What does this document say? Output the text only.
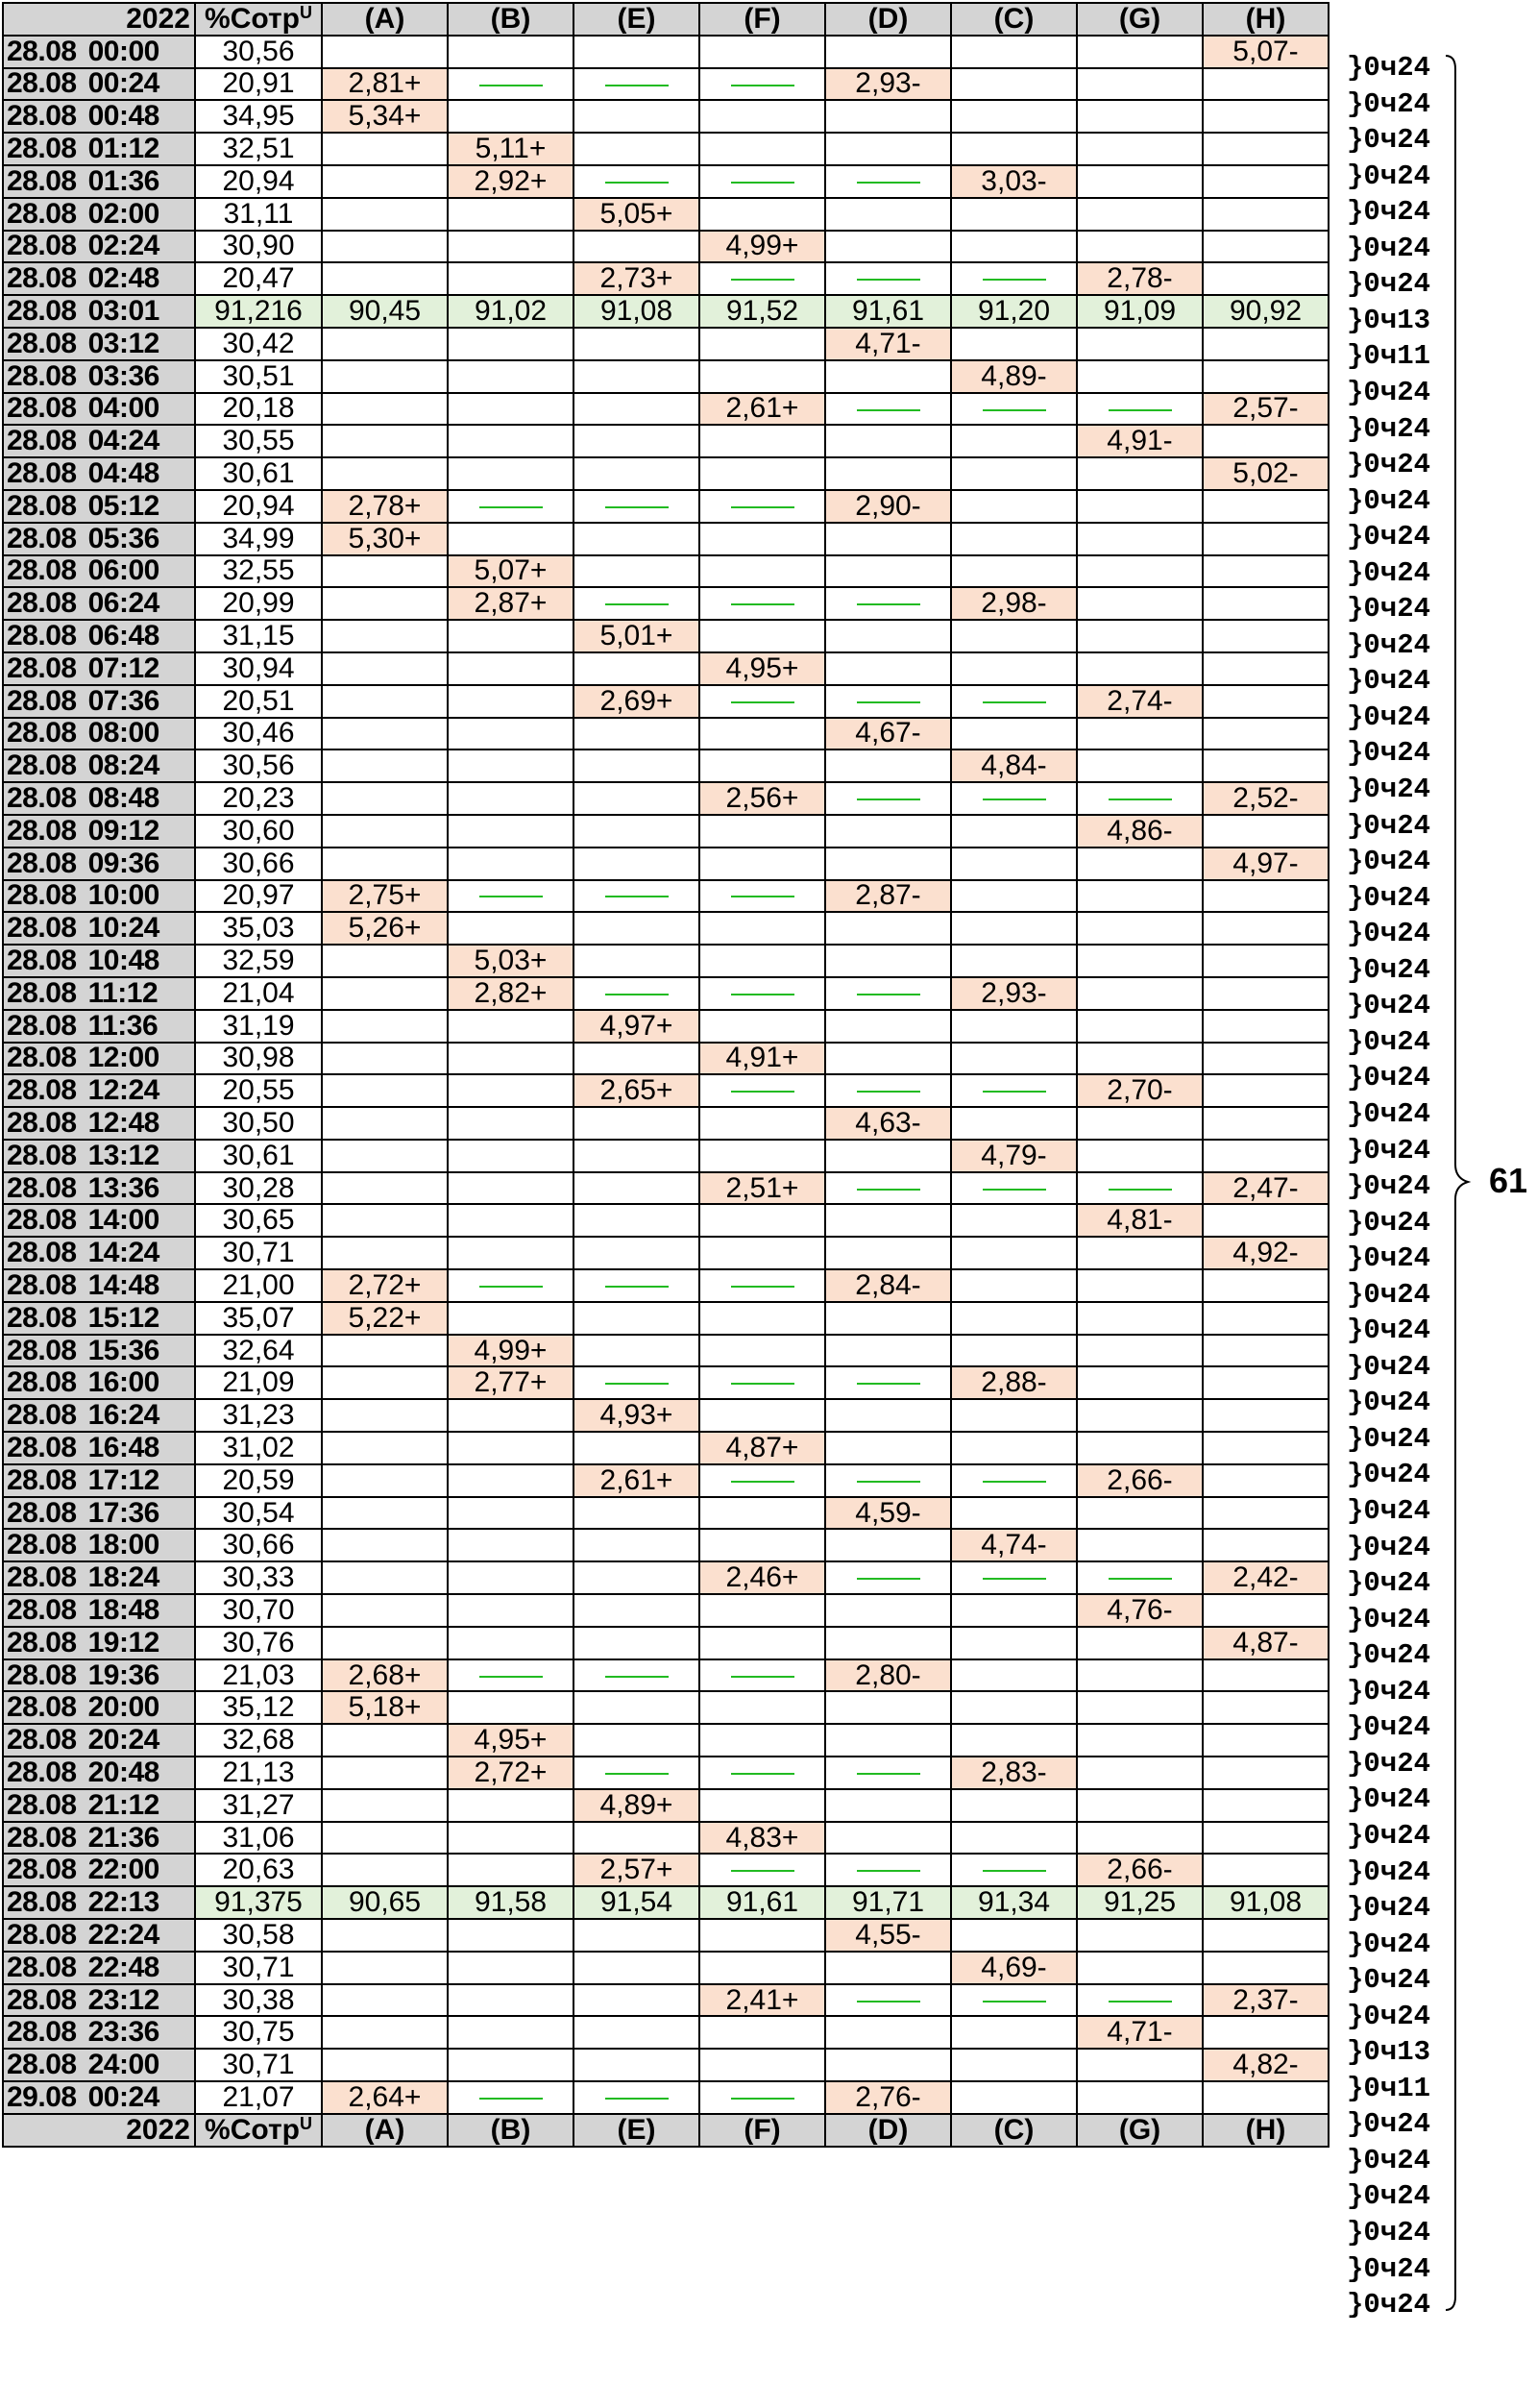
2022	%Сотр$^U$	(A)	(B)	(E)	(F)	(D)	(C)	(G)	(H)
28.08 00:00	30,56								5,07-
28.08 00:24	20,91	2,81+				2,93-			
28.08 00:48	34,95	5,34+							
28.08 01:12	32,51		5,11+						
28.08 01:36	20,94		2,92+				3,03-		
28.08 02:00	31,11			5,05+					
28.08 02:24	30,90				4,99+				
28.08 02:48	20,47			2,73+				2,78-	
28.08 03:01	91,216	90,45	91,02	91,08	91,52	91,61	91,20	91,09	90,92
28.08 03:12	30,42					4,71-			
28.08 03:36	30,51						4,89-		
28.08 04:00	20,18				2,61+				2,57-
28.08 04:24	30,55							4,91-	
28.08 04:48	30,61								5,02-
28.08 05:12	20,94	2,78+				2,90-			
28.08 05:36	34,99	5,30+							
28.08 06:00	32,55		5,07+						
28.08 06:24	20,99		2,87+				2,98-		
28.08 06:48	31,15			5,01+					
28.08 07:12	30,94				4,95+				
28.08 07:36	20,51			2,69+				2,74-	
28.08 08:00	30,46					4,67-			
28.08 08:24	30,56						4,84-		
28.08 08:48	20,23				2,56+				2,52-
28.08 09:12	30,60							4,86-	
28.08 09:36	30,66								4,97-
28.08 10:00	20,97	2,75+				2,87-			
28.08 10:24	35,03	5,26+							
28.08 10:48	32,59		5,03+						
28.08 11:12	21,04		2,82+				2,93-		
28.08 11:36	31,19			4,97+					
28.08 12:00	30,98				4,91+				
28.08 12:24	20,55			2,65+				2,70-	
28.08 12:48	30,50					4,63-			
28.08 13:12	30,61						4,79-		
28.08 13:36	30,28				2,51+				2,47-
28.08 14:00	30,65							4,81-	
28.08 14:24	30,71								4,92-
28.08 14:48	21,00	2,72+				2,84-			
28.08 15:12	35,07	5,22+							
28.08 15:36	32,64		4,99+						
28.08 16:00	21,09		2,77+				2,88-		
28.08 16:24	31,23			4,93+					
28.08 16:48	31,02				4,87+				
28.08 17:12	20,59			2,61+				2,66-	
28.08 17:36	30,54					4,59-			
28.08 18:00	30,66						4,74-		
28.08 18:24	30,33				2,46+				2,42-
28.08 18:48	30,70							4,76-	
28.08 19:12	30,76								4,87-
28.08 19:36	21,03	2,68+				2,80-			
28.08 20:00	35,12	5,18+							
28.08 20:24	32,68		4,95+						
28.08 20:48	21,13		2,72+				2,83-		
28.08 21:12	31,27			4,89+					
28.08 21:36	31,06				4,83+				
28.08 22:00	20,63			2,57+				2,66-	
28.08 22:13	91,375	90,65	91,58	91,54	91,61	91,71	91,34	91,25	91,08
28.08 22:24	30,58					4,55-			
28.08 22:48	30,71						4,69-		
28.08 23:12	30,38				2,41+				2,37-
28.08 23:36	30,75							4,71-	
28.08 24:00	30,71								4,82-
29.08 00:24	21,07	2,64+				2,76-			
2022	%Сотр$^U$	(A)	(B)	(E)	(F)	(D)	(C)	(G)	(H)
61
}0ч24
}0ч24
}0ч24
}0ч24
}0ч24
}0ч24
}0ч24
}0ч13
}0ч11
}0ч24
}0ч24
}0ч24
}0ч24
}0ч24
}0ч24
}0ч24
}0ч24
}0ч24
}0ч24
}0ч24
}0ч24
}0ч24
}0ч24
}0ч24
}0ч24
}0ч24
}0ч24
}0ч24
}0ч24
}0ч24
}0ч24
}0ч24
}0ч24
}0ч24
}0ч24
}0ч24
}0ч24
}0ч24
}0ч24
}0ч24
}0ч24
}0ч24
}0ч24
}0ч24
}0ч24
}0ч24
}0ч24
}0ч24
}0ч24
}0ч24
}0ч24
}0ч24
}0ч24
}0ч24
}0ч24
}0ч13
}0ч11
}0ч24
}0ч24
}0ч24
}0ч24
}0ч24
}0ч24
